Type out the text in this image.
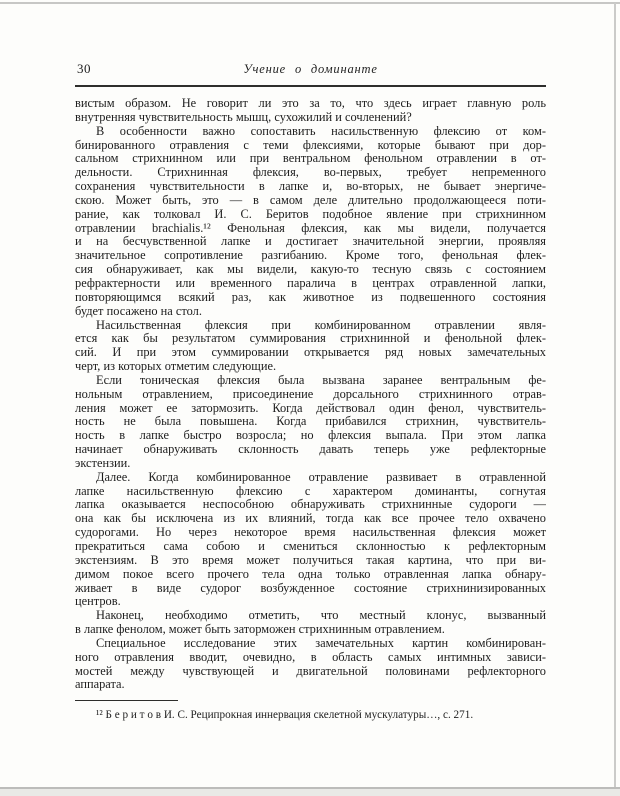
30	Учение о доминанте
вистым образом. Не говорит ли это за то, что здесь играет главную роль
внутренняя чувствительность мышц, сухожилий и сочленений?
В особенности важно сопоставить насильственную флексию от ком-
бинированного отравления с теми флексиями, которые бывают при дор-
сальном стрихнинном или при вентральном фенольном отравлении в от-
дельности. Стрихнинная флексия, во-первых, требует непременного
сохранения чувствительности в лапке и, во-вторых, не бывает энергиче-
скою. Может быть, это — в самом деле длительно продолжающееся поти-
рание, как толковал И. С. Беритов подобное явление при стрихнинном
отравлении brachialis.¹² Фенольная флексия, как мы видели, получается
и на бесчувственной лапке и достигает значительной энергии, проявляя
значительное сопротивление разгибанию. Кроме того, фенольная флек-
сия обнаруживает, как мы видели, какую-то тесную связь с состоянием
рефрактерности или временного паралича в центрах отравленной лапки,
повторяющимся всякий раз, как животное из подвешенного состояния
будет посажено на стол.
Насильственная флексия при комбинированном отравлении явля-
ется как бы результатом суммирования стрихнинной и фенольной флек-
сий. И при этом суммировании открывается ряд новых замечательных
черт, из которых отметим следующие.
Если тоническая флексия была вызвана заранее вентральным фе-
нольным отравлением, присоединение дорсального стрихнинного отрав-
ления может ее затормозить. Когда действовал один фенол, чувствитель-
ность не была повышена. Когда прибавился стрихнин, чувствитель-
ность в лапке быстро возросла; но флексия выпала. При этом лапка
начинает обнаруживать склонность давать теперь уже рефлекторные
экстензии.
Далее. Когда комбинированное отравление развивает в отравленной
лапке насильственную флексию с характером доминанты, согнутая
лапка оказывается неспособною обнаруживать стрихнинные судороги —
она как бы исключена из их влияний, тогда как все прочее тело охвачено
судорогами. Но через некоторое время насильственная флексия может
прекратиться сама собою и смениться склонностью к рефлекторным
экстензиям. В это время может получиться такая картина, что при ви-
димом покое всего прочего тела одна только отравленная лапка обнару-
живает в виде судорог возбужденное состояние стрихнинизированных
центров.
Наконец, необходимо отметить, что местный клонус, вызванный
в лапке фенолом, может быть заторможен стрихнинным отравлением.
Специальное исследование этих замечательных картин комбинирован-
ного отравления вводит, очевидно, в область самых интимных зависи-
мостей между чувствующей и двигательной половинами рефлекторного
аппарата.
¹² Б е р и т о в И. С. Реципрокная иннервация скелетной мускулатуры…, с. 271.
